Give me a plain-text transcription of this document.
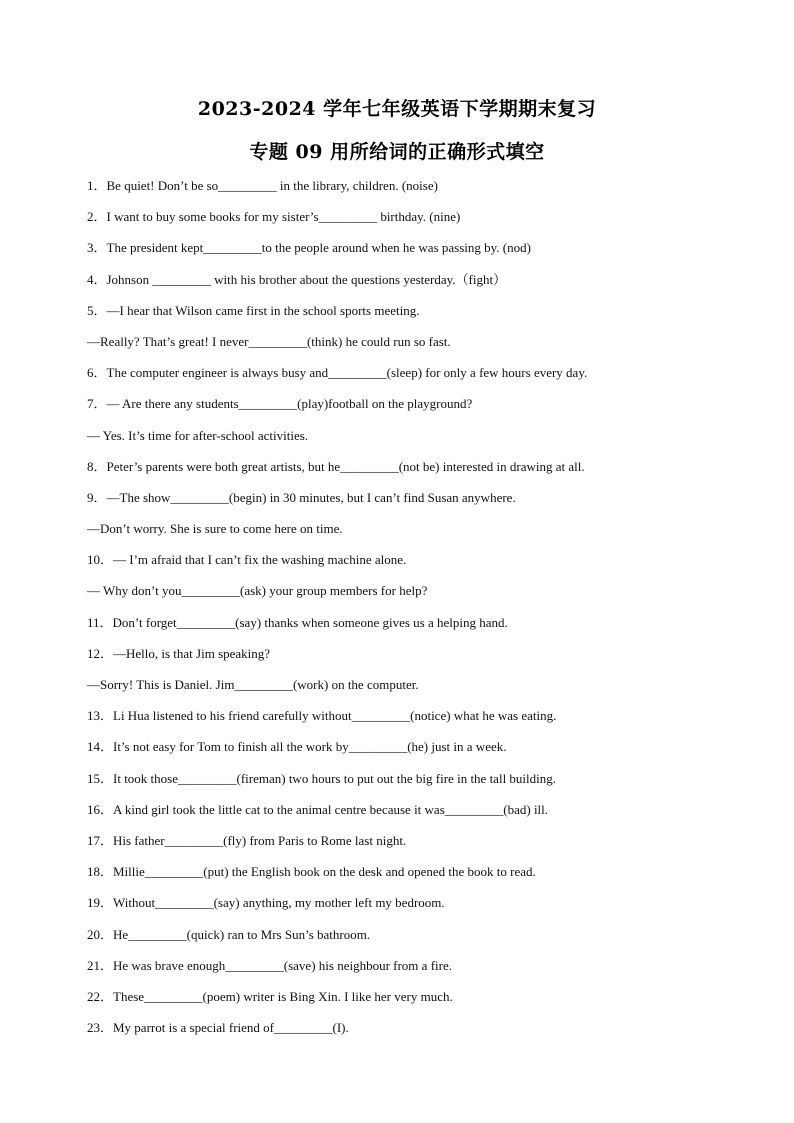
2023-2024 学年七年级英语下学期期末复习
专题 09 用所给词的正确形式填空
1．Be quiet! Don’t be so_________ in the library, children. (noise)
2．I want to buy some books for my sister’s_________ birthday. (nine)
3．The president kept_________to the people around when he was passing by. (nod)
4．Johnson _________ with his brother about the questions yesterday.（fight）
5．—I hear that Wilson came first in the school sports meeting.
—Really? That’s great! I never_________(think) he could run so fast.
6．The computer engineer is always busy and_________(sleep) for only a few hours every day.
7．— Are there any students_________(play)football on the playground?
— Yes. It’s time for after-school activities.
8．Peter’s parents were both great artists, but he_________(not be) interested in drawing at all.
9．—The show_________(begin) in 30 minutes, but I can’t find Susan anywhere.
—Don’t worry. She is sure to come here on time.
10．— I’m afraid that I can’t fix the washing machine alone.
— Why don’t you_________(ask) your group members for help?
11．Don’t forget_________(say) thanks when someone gives us a helping hand.
12．—Hello, is that Jim speaking?
—Sorry! This is Daniel. Jim_________(work) on the computer.
13．Li Hua listened to his friend carefully without_________(notice) what he was eating.
14．It’s not easy for Tom to finish all the work by_________(he) just in a week.
15．It took those_________(fireman) two hours to put out the big fire in the tall building.
16．A kind girl took the little cat to the animal centre because it was_________(bad) ill.
17．His father_________(fly) from Paris to Rome last night.
18．Millie_________(put) the English book on the desk and opened the book to read.
19．Without_________(say) anything, my mother left my bedroom.
20．He_________(quick) ran to Mrs Sun’s bathroom.
21．He was brave enough_________(save) his neighbour from a fire.
22．These_________(poem) writer is Bing Xin. I like her very much.
23．My parrot is a special friend of_________(I).
